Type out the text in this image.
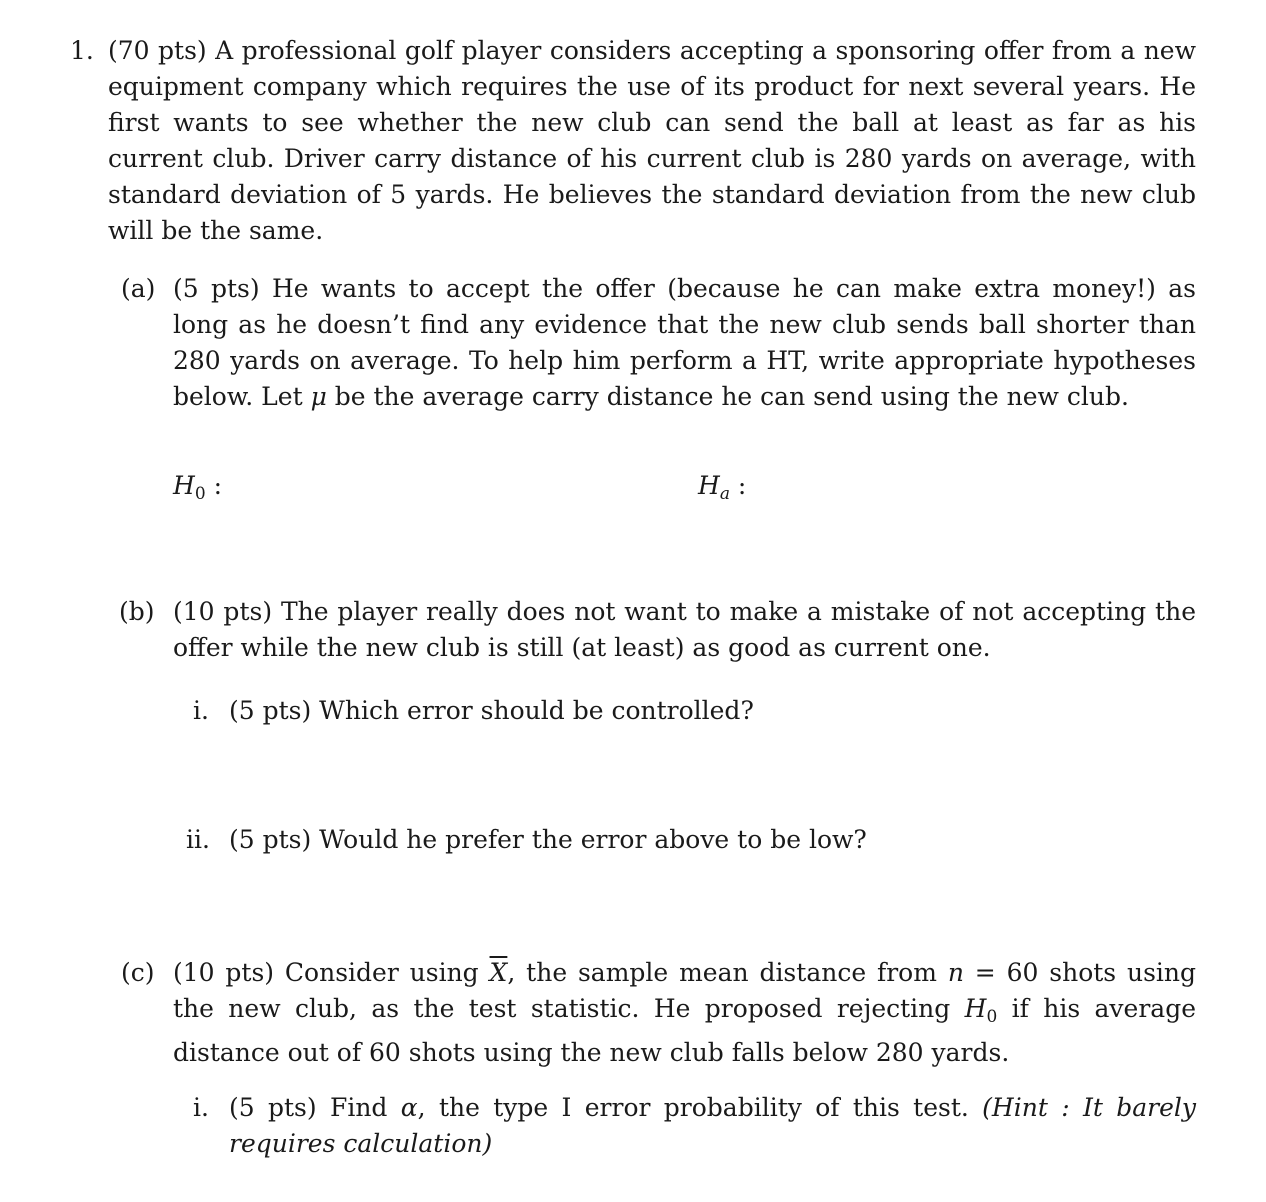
1. (70 pts) A professional golf player considers accepting a sponsoring offer from a new equipment company which requires the use of its product for next several years. He first wants to see whether the new club can send the ball at least as far as his current club. Driver carry distance of his current club is 280 yards on average, with standard deviation of 5 yards. He believes the standard deviation from the new club will be the same.

(a) (5 pts) He wants to accept the offer (because he can make extra money!) as long as he doesn’t find any evidence that the new club sends ball shorter than 280 yards on average. To help him perform a HT, write appropriate hypotheses below. Let μ be the average carry distance he can send using the new club.

$H_0$ :	$H_a$ :
(b) (10 pts) The player really does not want to make a mistake of not accepting the offer while the new club is still (at least) as good as current one.

i. (5 pts) Which error should be controlled?

ii. (5 pts) Would he prefer the error above to be low?

(c) (10 pts) Consider using $\overline{X}$, the sample mean distance from n = 60 shots using the new club, as the test statistic. He proposed rejecting $H_0$ if his average distance out of 60 shots using the new club falls below 280 yards.

i. (5 pts) Find α, the type I error probability of this test. (Hint : It barely requires calculation)
